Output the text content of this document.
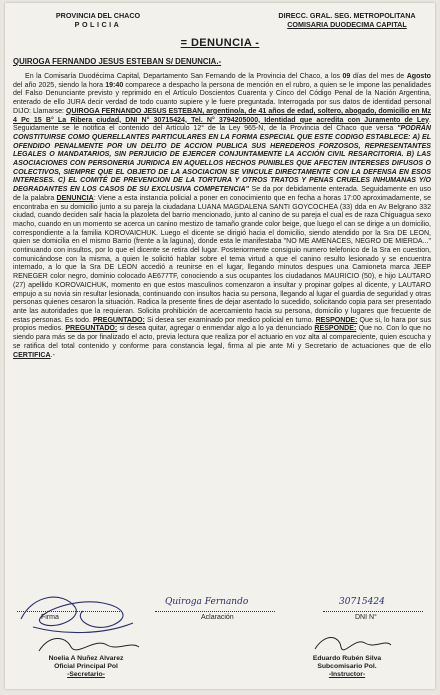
PROVINCIA DEL CHACO
POLICIA
DIRECC. GRAL. SEG. METROPOLITANA
COMISARIA DUODECIMA CAPITAL
= DENUNCIA -
QUIROGA FERNANDO JESUS ESTEBAN S/ DENUNCIA.-

En la Comisaría Duodécima Capital, Departamento San Fernando de la Provincia del Chaco, a los 09 días del mes de Agosto del año 2025, siendo la hora 19:40 comparece a despacho la persona de mención en el rubro, a quien se le impone las penalidades del Falso Denunciante previsto y reprimido en el Artículo Doscientos Cuarenta y Cinco del Código Penal de la Nación Argentina, enterado de ello JURA decir verdad de todo cuanto supiere y le fuere preguntada. Interrogada por sus datos de identidad personal DIJO: Llamarse: QUIROGA FERNANDO JESUS ESTEBAN, argentino/a, de 41 años de edad, soltero, abogado, domicilio en Mz 4 Pc 15 B° La Ribera ciudad, DNI N° 30715424, Tel. N° 3794205000, Identidad que acredita con Juramento de Ley. Seguidamente se le notifica el contenido del Artículo 12° de la Ley 965-N, de la Provincia del Chaco que versa "PODRÁN CONSTITUIRSE COMO QUERELLANTES PARTICULARES EN LA FORMA ESPECIAL QUE ESTE CODIGO ESTABLECE: A) EL OFENDIDO PENALMENTE POR UN DELITO DE ACCION PUBLICA SUS HEREDEROS FORZOSOS, REPRESENTANTES LEGALES O MANDATARIOS, SIN PERJUICIO DE EJERCER CONJUNTAMENTE LA ACCIÓN CIVIL RESARCITORIA. B) LAS ASOCIACIONES CON PERSONERIA JURIDICA EN AQUELLOS HECHOS PUNIBLES QUE AFECTEN INTERESES DIFUSOS O COLECTIVOS, SIEMPRE QUE EL OBJETO DE LA ASOCIACION SE VINCULE DIRECTAMENTE CON LA DEFENSA EN ESOS INTERESES. C) EL COMITÉ DE PREVENCION DE LA TORTURA Y OTROS TRATOS Y PENAS CRUELES INHUMANAS Y/O DEGRADANTES EN LOS CASOS DE SU EXCLUSIVA COMPETENCIA" Se da por debidamente enterada. Seguidamente en uso de la palabra DENUNCIA: Viene a esta instancia policial a poner en conocimiento que en fecha a horas 17:00 aproximadamente, se encontraba en su domicilio junto a su pareja la ciudadana LUANA MAGDALENA SANTI GOYCOCHEA (33) dda en Av Belgrano 332 ciudad, cuando deciden salir hacia la plazoleta del barrio mencionado, junto al canino de su pareja el cual es de raza Chiguagua sexo macho, cuando en un momento se acerca un canino mestizo de tamaño grande color beige, que luego el can se dirige a un domicilio, correspondiente a la familia KOROVAICHUK. Luego el dicente se dirigió hacia el domicilio, siendo atendido por la Sra DE LEON, quien se domicilia en el mismo Barrio (frente a la laguna), donde esta le manifestaba "NO ME AMENACES, NEGRO DE MIERDA..." continuando con insultos, por lo que el dicente se retira del lugar. Posteriormente consiguio numero telefonico de la Sra en cuestion, comunicándose con la misma, a quien le solicitó hablar sobre el tema virtud a que el canino resulto lesionado y se encuentra internado, a lo que la Sra DE LEON accedió a reunirse en el lugar, llegando minutos despues una Camioneta marca JEEP RENEGER color negro, dominio colocado AE677TF, conociendo a sus ocupantes los ciudadanos MAURICIO (50), e hijo LAUTARO (27) apellido KOROVAICHUK, momento en que estos masculinos comenzaron a insultar y propinar golpes al dicente, y LAUTARO empujo a su novia sin resultar lesionada, continuando con insultos hacia su persona, llegando al lugar el guardia de seguridad y otras personas quienes cesaron la situación. Radica la presente fines de dejar asentado lo sucedido, solicitando copia para ser presentado ante las autoridades que la requieran. Solicita prohibición de acercamiento hacia su persona, domicilio y lugares que frecuente de estas personas. Es todo. PREGUNTADO: Si desea ser examinado por medico policial en turno. RESPONDE: Que si, lo hara por sus propios medios. PREGUNTADO: si desea quitar, agregar o enmendar algo a lo ya denunciado RESPONDE: Que no. Con lo que no siendo para más se da por finalizado el acto, previa lectura que realiza por el actuario en voz alta al compareciente, quien escucha y se ratifica del total contenido y conforme para constancia legal, firma al pie ante Mi y Secretario de actuaciones que de ello CERTIFICA.-

Firma
Quiroga Fernando
Aclaración
30715424
DNI N°
Noelia A Nuñez Alvarez
Oficial Principal Pol
-Secretario-
Eduardo Rubén Silva
Subcomisario Pol.
-Instructor-
